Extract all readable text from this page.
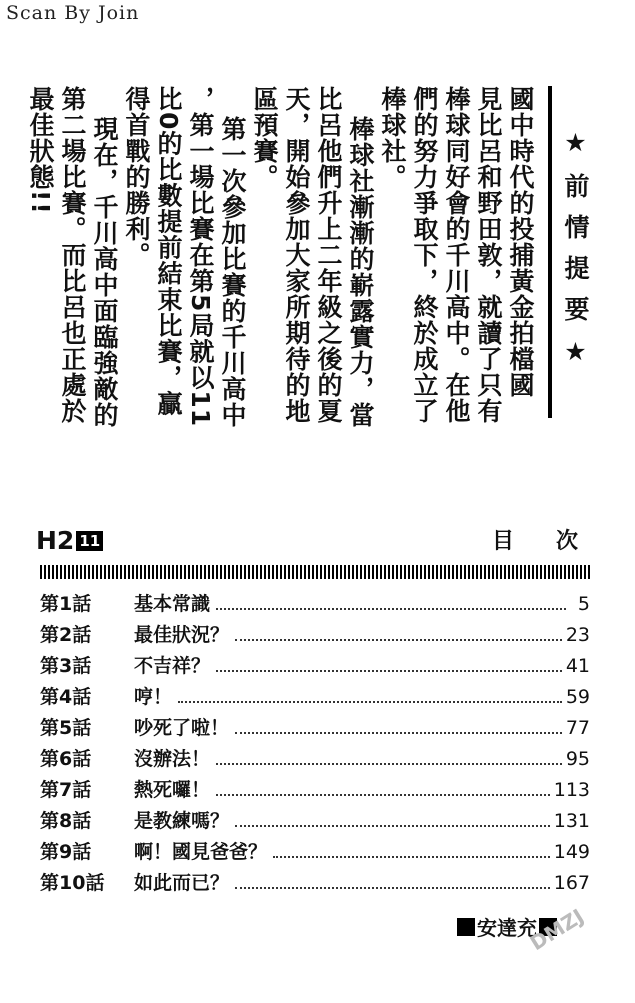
Scan By Join
★前情提要★
國中時代的投捕黃金拍檔國
見比呂和野田敦，就讀了只有
棒球同好會的千川高中。在他
們的努力爭取下，終於成立了
棒球社。
棒球社漸漸的嶄露實力，當
比呂他們升上二年級之後的夏
天，開始參加大家所期待的地
區預賽。
第一次參加比賽的千川高中
，第一場比賽在第5局就以11
比0的比數提前結束比賽，贏
得首戰的勝利。
現在，千川高中面臨強敵的
第二場比賽。而比呂也正處於
最佳狀態!!
H2 11	目次
第1話	基本常識	5
第2話	最佳狀況？	23
第3話	不吉祥？	41
第4話	哼！	59
第5話	吵死了啦！	77
第6話	沒辦法！	95
第7話	熱死囉！	113
第8話	是教練嗎？	131
第9話	啊！國見爸爸？	149
第10話	如此而已？	167
安達充
DMZJ
